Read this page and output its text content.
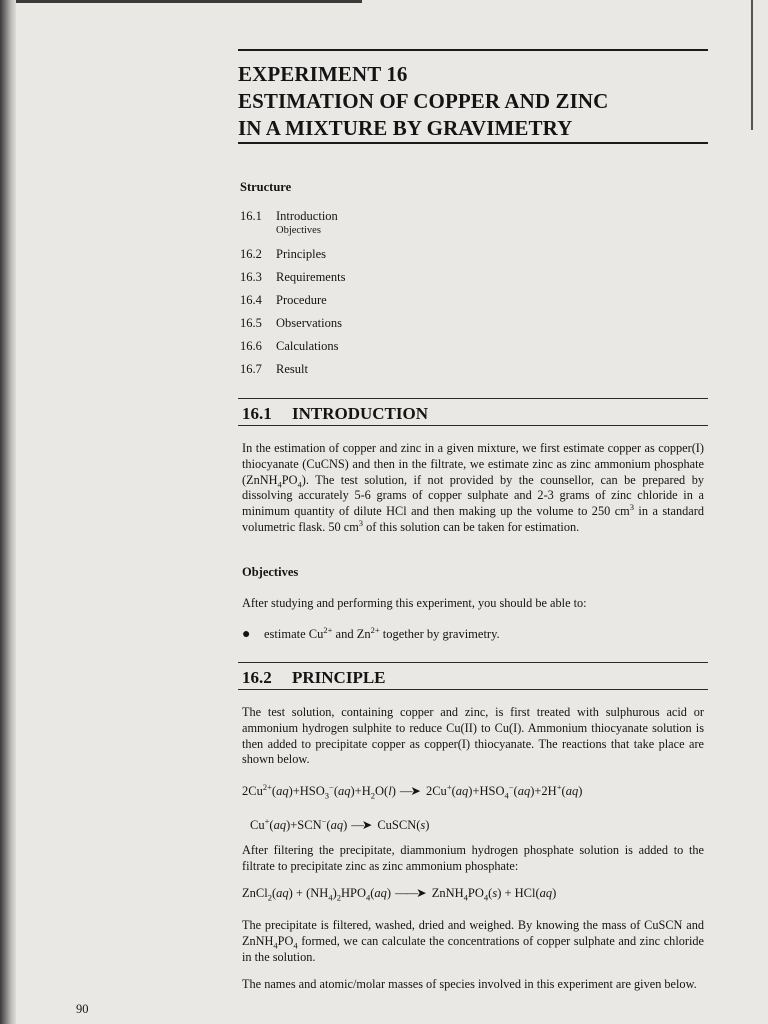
EXPERIMENT 16
ESTIMATION OF COPPER AND ZINC
IN A MIXTURE BY GRAVIMETRY

Structure

16.1 Introduction
Objectives
16.2 Principles
16.3 Requirements
16.4 Procedure
16.5 Observations
16.6 Calculations
16.7 Result
16.1 INTRODUCTION

In the estimation of copper and zinc in a given mixture, we first estimate copper as copper(I) thiocyanate (CuCNS) and then in the filtrate, we estimate zinc as zinc ammonium phosphate $(ZnNH_4PO_4)$. The test solution, if not provided by the counsellor, can be prepared by dissolving accurately 5-6 grams of copper sulphate and 2-3 grams of zinc chloride in a minimum quantity of dilute HCl and then making up the volume to 250 $cm^3$ in a standard volumetric flask. 50 $cm^3$ of this solution can be taken for estimation.

Objectives

After studying and performing this experiment, you should be able to:

● estimate $Cu^{2+}$ and $Zn^{2+}$ together by gravimetry.
16.2 PRINCIPLE

The test solution, containing copper and zinc, is first treated with sulphurous acid or ammonium hydrogen sulphite to reduce Cu(II) to Cu(I). Ammonium thiocyanate solution is then added to precipitate copper as copper(I) thiocyanate. The reactions that take place are shown below.

$2Cu^{2+}(aq)+HSO_3^-(aq)+H_2O(l)$ —➤ $2Cu^+(aq)+HSO_4^-(aq)+2H^+(aq)$
Cu+(aq)+SCN−(aq) —➤ CuSCN(s)

After filtering the precipitate, diammonium hydrogen phosphate solution is added to the filtrate to precipitate zinc as zinc ammonium phosphate:

ZnCl$_2$(aq) + $(NH_4)_2HPO_4(aq)$ ——➤ $ZnNH_4PO_4(s) + HCl(aq)$

The precipitate is filtered, washed, dried and weighed. By knowing the mass of CuSCN and $ZnNH_4PO_4$ formed, we can calculate the concentrations of copper sulphate and zinc chloride in the solution.

The names and atomic/molar masses of species involved in this experiment are given below.

90
